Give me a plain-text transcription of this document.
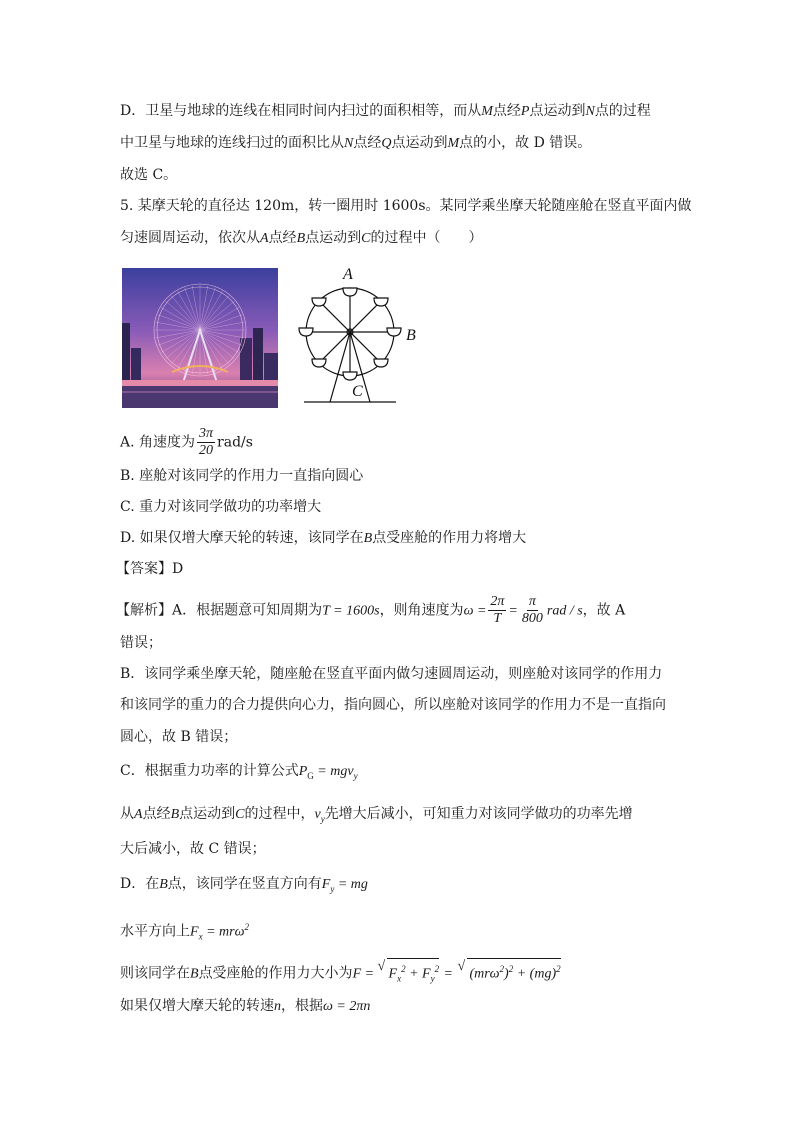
D．卫星与地球的连线在相同时间内扫过的面积相等，而从M点经P点运动到N点的过程
中卫星与地球的连线扫过的面积比从N点经Q点运动到M点的小，故 D 错误。
故选 C。
5. 某摩天轮的直径达 120m，转一圈用时 1600s。某同学乘坐摩天轮随座舱在竖直平面内做
匀速圆周运动，依次从A点经B点运动到C的过程中（　　）
A
B
C
A. 角速度为 $\frac{3\pi}{20} rad/s$
B. 座舱对该同学的作用力一直指向圆心
C. 重力对该同学做功的功率增大
D. 如果仅增大摩天轮的转速，该同学在B点受座舱的作用力将增大
【答案】D
【解析】A．根据题意可知周期为T = 1600s，则角速度为$\omega = \frac{2\pi}{T} = \frac{\pi}{800}$ rad / s，故 A
错误；
B．该同学乘坐摩天轮，随座舱在竖直平面内做匀速圆周运动，则座舱对该同学的作用力
和该同学的重力的合力提供向心力，指向圆心，所以座舱对该同学的作用力不是一直指向
圆心，故 B 错误；
C．根据重力功率的计算公式$P_G = mgv_y$
从A点经B点运动到C的过程中，$v_y$先增大后减小，可知重力对该同学做功的功率先增
大后减小，故 C 错误；
D．在B点，该同学在竖直方向有$F_y$ = mg
水平方向上$F_x = mr\omega^2$
则该同学在B点受座舱的作用力大小为F =
√
$F_x^2 + F_y^2$ =
√
$(mr\omega^2)^2 + (mg)^2$
如果仅增大摩天轮的转速n，根据ω = 2πn
